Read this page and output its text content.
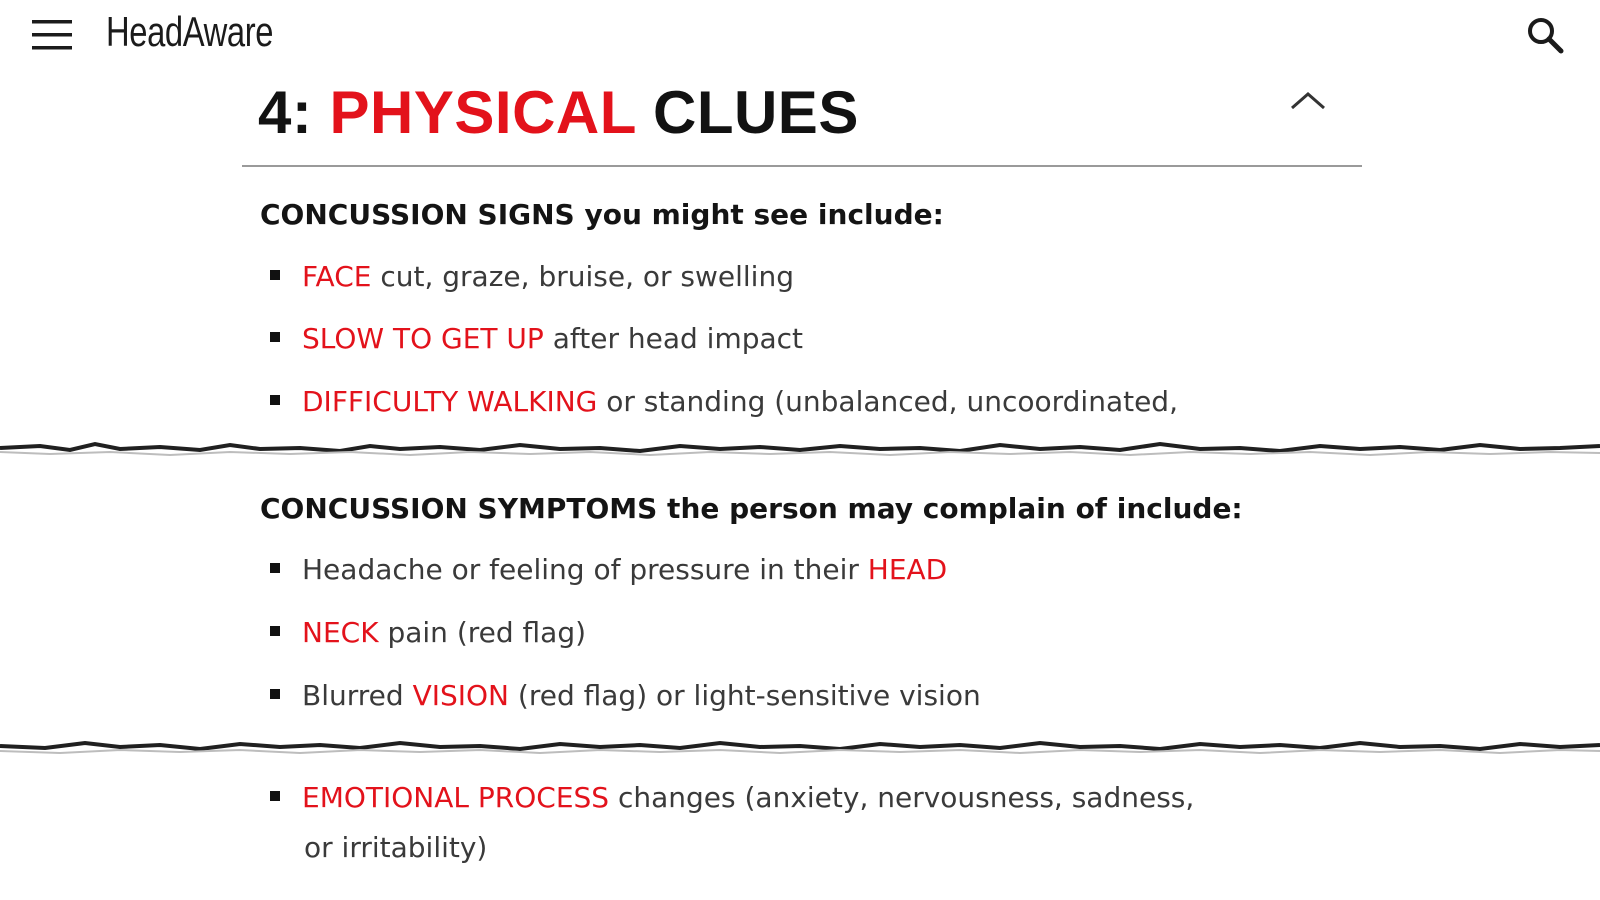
HeadAware
4: PHYSICAL CLUES
CONCUSSION SIGNS you might see include:
FACE cut, graze, bruise, or swelling
SLOW TO GET UP after head impact
DIFFICULTY WALKING or standing (unbalanced, uncoordinated,
CONCUSSION SYMPTOMS the person may complain of include:
Headache or feeling of pressure in their HEAD
NECK pain (red flag)
Blurred VISION (red flag) or light-sensitive vision
EMOTIONAL PROCESS changes (anxiety, nervousness, sadness,
or irritability)
